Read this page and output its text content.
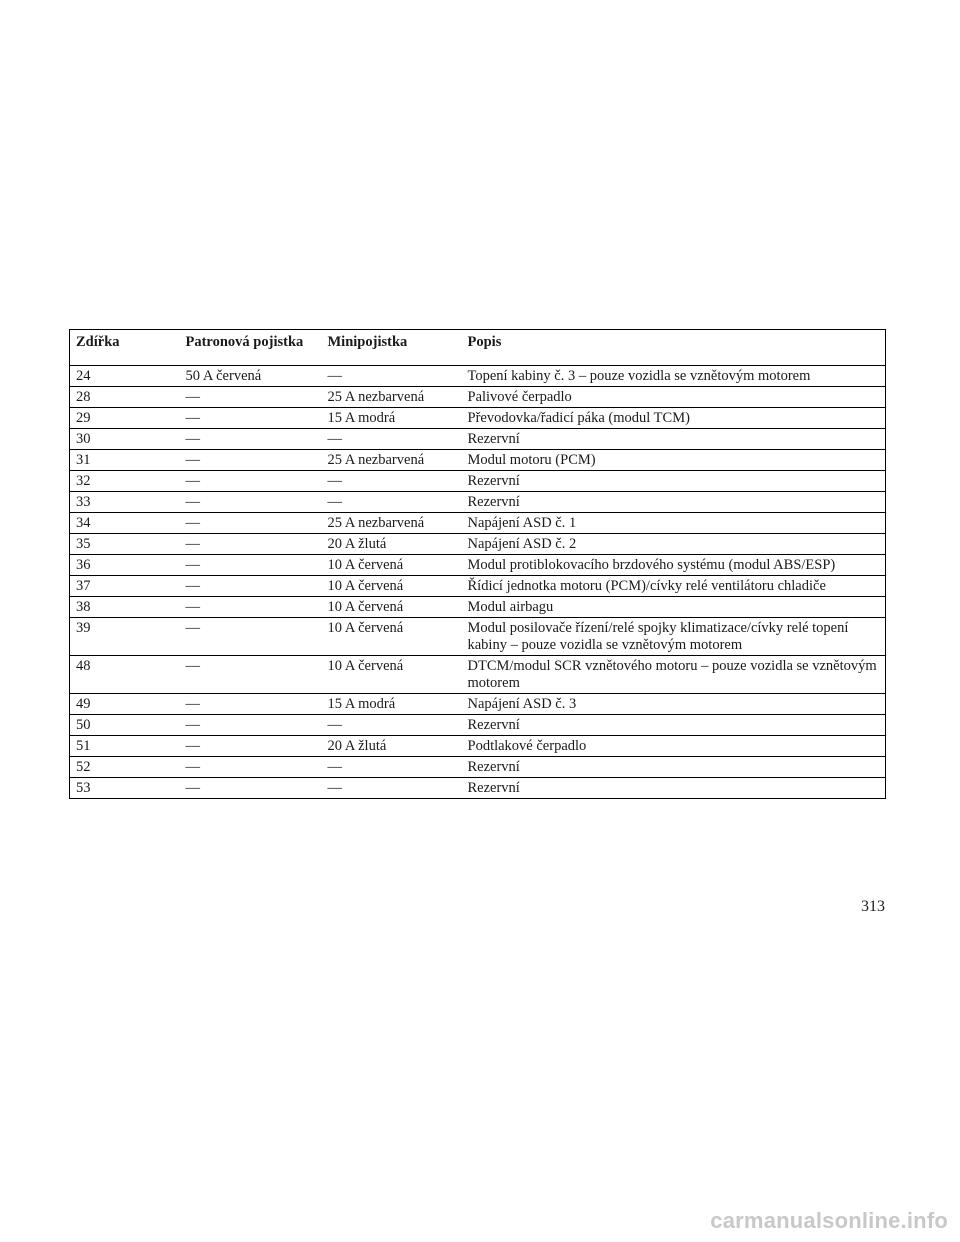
Zdířka	Patronová pojistka	Minipojistka	Popis
24	50 A červená	—	Topení kabiny č. 3 – pouze vozidla se vznětovým motorem
28	—	25 A nezbarvená	Palivové čerpadlo
29	—	15 A modrá	Převodovka/řadicí páka (modul TCM)
30	—	—	Rezervní
31	—	25 A nezbarvená	Modul motoru (PCM)
32	—	—	Rezervní
33	—	—	Rezervní
34	—	25 A nezbarvená	Napájení ASD č. 1
35	—	20 A žlutá	Napájení ASD č. 2
36	—	10 A červená	Modul protiblokovacího brzdového systému (modul ABS/ESP)
37	—	10 A červená	Řídicí jednotka motoru (PCM)/cívky relé ventilátoru chladiče
38	—	10 A červená	Modul airbagu
39	—	10 A červená	Modul posilovače řízení/relé spojky klimatizace/cívky relé topení kabiny – pouze vozidla se vznětovým motorem
48	—	10 A červená	DTCM/modul SCR vznětového motoru – pouze vozidla se vznětovým motorem
49	—	15 A modrá	Napájení ASD č. 3
50	—	—	Rezervní
51	—	20 A žlutá	Podtlakové čerpadlo
52	—	—	Rezervní
53	—	—	Rezervní
313
carmanualsonline.info
